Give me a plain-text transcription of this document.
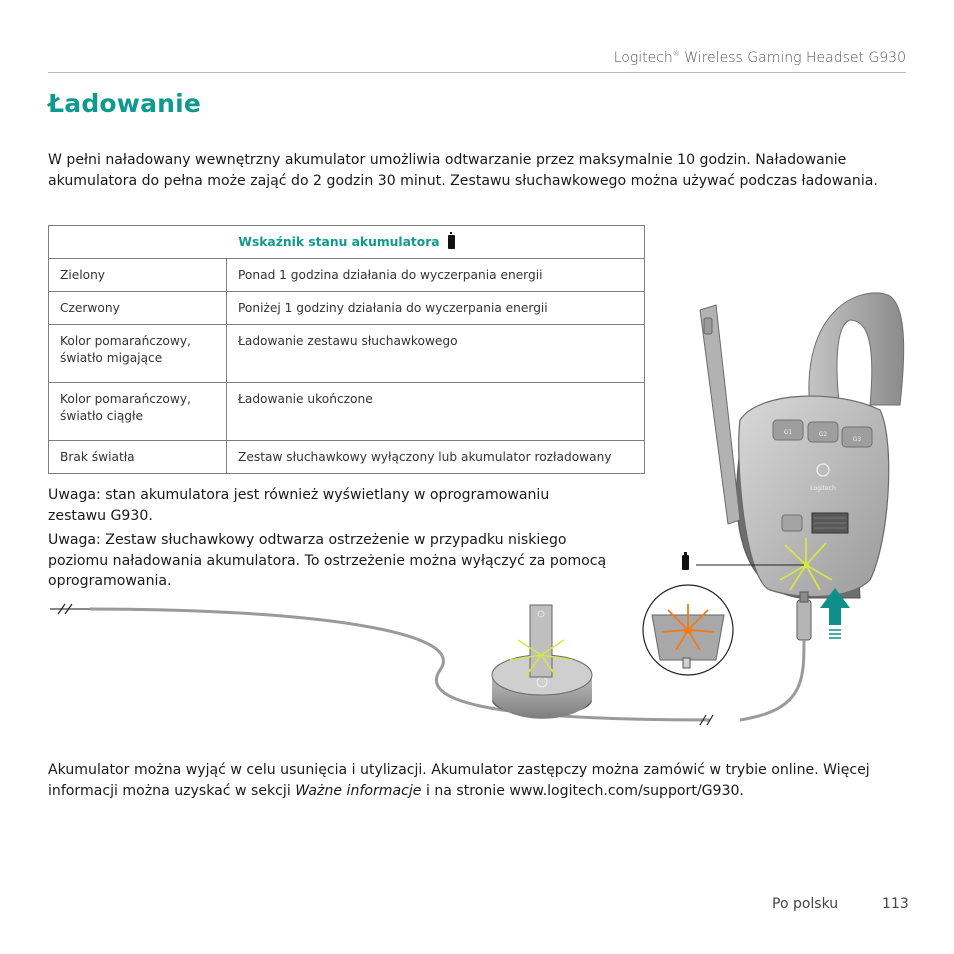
Logitech® Wireless Gaming Headset G930
Ładowanie

W pełni naładowany wewnętrzny akumulator umożliwia odtwarzanie przez maksymalnie 10 godzin. Naładowanie akumulatora do pełna może zająć do 2 godzin 30 minut. Zestawu słuchawkowego można używać podczas ładowania.

Wskaźnik stanu akumulatora	
Zielony	Ponad 1 godzina działania do wyczerpania energii
Czerwony	Poniżej 1 godziny działania do wyczerpania energii
Kolor pomarańczowy, światło migające	Ładowanie zestawu słuchawkowego
Kolor pomarańczowy, światło ciągłe	Ładowanie ukończone
Brak światła	Zestaw słuchawkowy wyłączony lub akumulator rozładowany

Uwaga: stan akumulatora jest również wyświetlany w oprogramowaniu zestawu G930.

Uwaga: Zestaw słuchawkowy odtwarza ostrzeżenie w przypadku niskiego poziomu naładowania akumulatora. To ostrzeżenie można wyłączyć za pomocą oprogramowania.

G1	G2
G3
Logitech

Akumulator można wyjąć w celu usunięcia i utylizacji. Akumulator zastępczy można zamówić w trybie online. Więcej informacji można uzyskać w sekcji Ważne informacje i na stronie www.logitech.com/support/G930.

Po polsku	113
